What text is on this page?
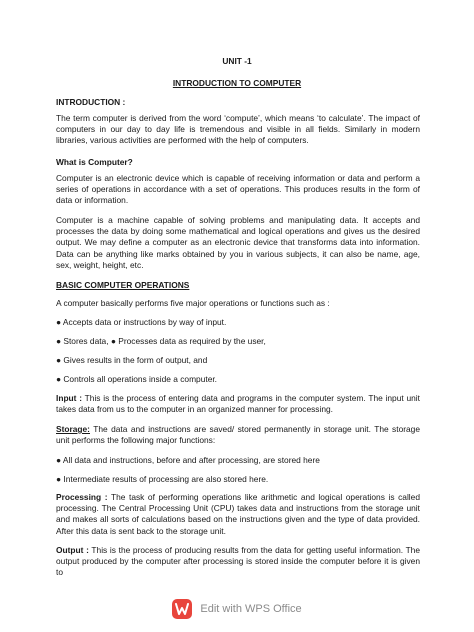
UNIT -1
INTRODUCTION TO COMPUTER
INTRODUCTION :

The term computer is derived from the word ‘compute’, which means ‘to calculate’. The impact of computers in our day to day life is tremendous and visible in all fields. Similarly in modern libraries, various activities are performed with the help of computers.

What is Computer?

Computer is an electronic device which is capable of receiving information or data and perform a series of operations in accordance with a set of operations. This produces results in the form of data or information.

Computer is a machine capable of solving problems and manipulating data. It accepts and processes the data by doing some mathematical and logical operations and gives us the desired output. We may define a computer as an electronic device that transforms data into information. Data can be anything like marks obtained by you in various subjects, it can also be name, age, sex, weight, height, etc.

BASIC COMPUTER OPERATIONS

A computer basically performs five major operations or functions such as :

● Accepts data or instructions by way of input.

● Stores data, ● Processes data as required by the user,

● Gives results in the form of output, and

● Controls all operations inside a computer.

Input : This is the process of entering data and programs in the computer system. The input unit takes data from us to the computer in an organized manner for processing.

Storage: The data and instructions are saved/ stored permanently in storage unit. The storage unit performs the following major functions:

● All data and instructions, before and after processing, are stored here

● Intermediate results of processing are also stored here.

Processing : The task of performing operations like arithmetic and logical operations is called processing. The Central Processing Unit (CPU) takes data and instructions from the storage unit and makes all sorts of calculations based on the instructions given and the type of data provided. After this data is sent back to the storage unit.

Output : This is the process of producing results from the data for getting useful information. The output produced by the computer after processing is stored inside the computer before it is given to

Edit with WPS Office
